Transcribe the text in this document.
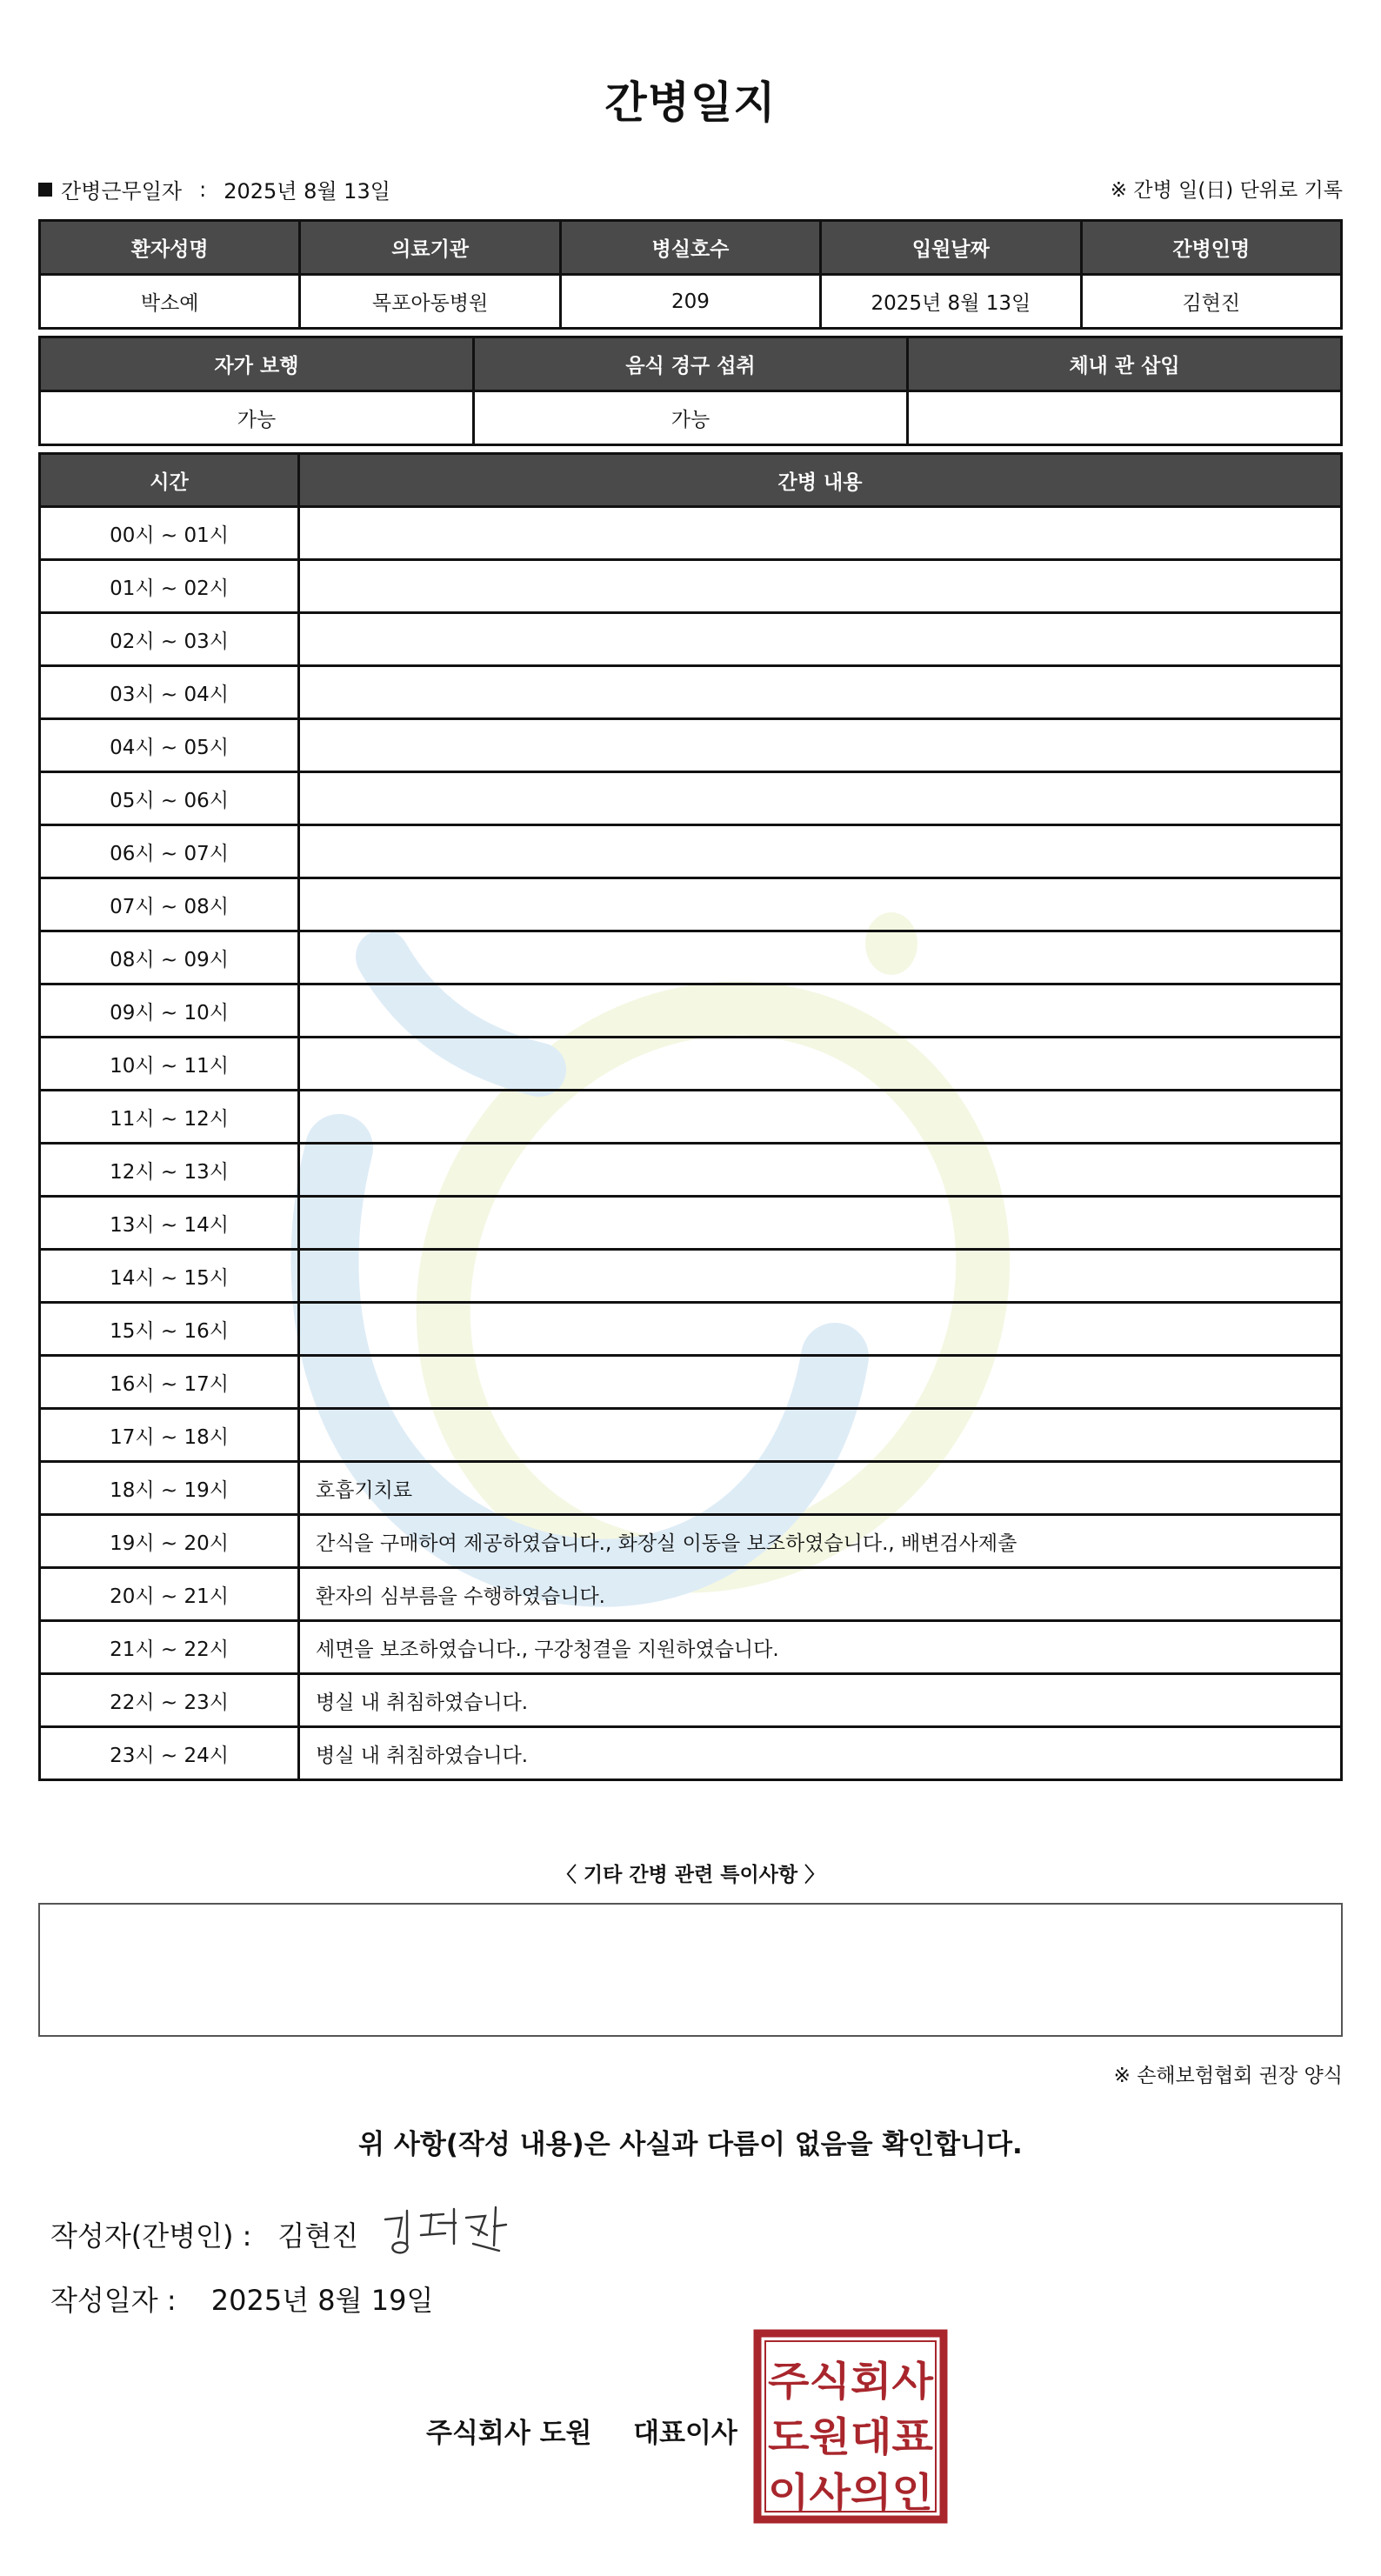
간병일지
간병근무일자 : 2025년 8월 13일	※ 간병 일(日) 단위로 기록
환자성명	의료기관	병실호수	입원날짜	간병인명
박소예	목포아동병원	209	2025년 8월 13일	김현진
자가 보행	음식 경구 섭취	체내 관 삽입
가능	가능	
시간	간병 내용
00시 ~ 01시	
01시 ~ 02시	
02시 ~ 03시	
03시 ~ 04시	
04시 ~ 05시	
05시 ~ 06시	
06시 ~ 07시	
07시 ~ 08시	
08시 ~ 09시	
09시 ~ 10시	
10시 ~ 11시	
11시 ~ 12시	
12시 ~ 13시	
13시 ~ 14시	
14시 ~ 15시	
15시 ~ 16시	
16시 ~ 17시	
17시 ~ 18시	
18시 ~ 19시	호흡기치료
19시 ~ 20시	간식을 구매하여 제공하였습니다., 화장실 이동을 보조하였습니다., 배변검사제출
20시 ~ 21시	환자의 심부름을 수행하였습니다.
21시 ~ 22시	세면을 보조하였습니다., 구강청결을 지원하였습니다.
22시 ~ 23시	병실 내 취침하였습니다.
23시 ~ 24시	병실 내 취침하였습니다.
〈 기타 간병 관련 특이사항 〉
※ 손해보험협회 권장 양식
위 사항(작성 내용)은 사실과 다름이 없음을 확인합니다.
작성자(간병인) : 김현진
작성일자 : 2025년 8월 19일
주식회사 도원 대표이사
주식회사
도원대표
이사의인
